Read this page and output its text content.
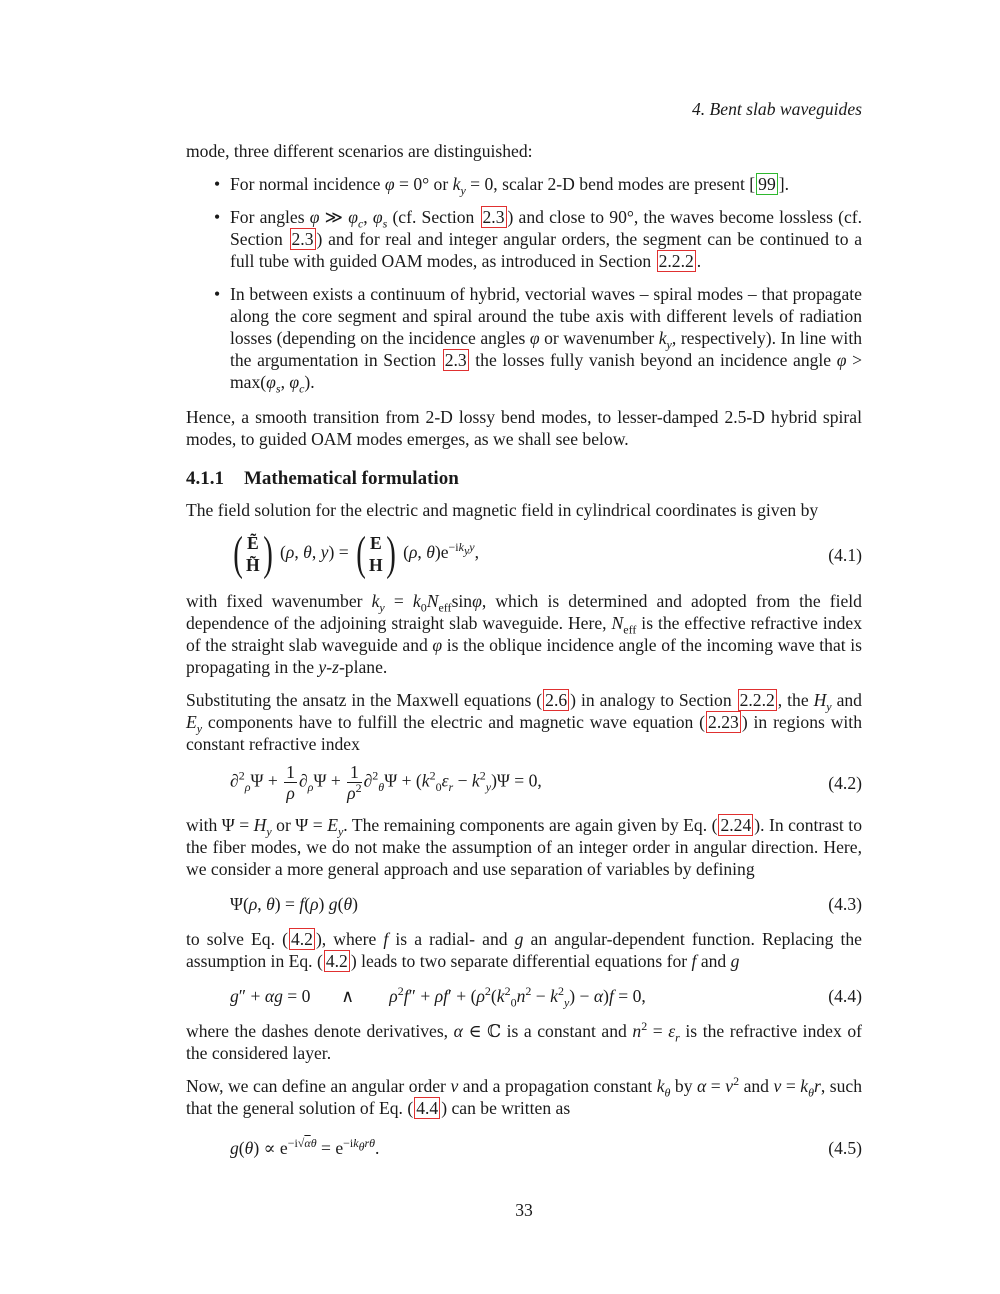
4. Bent slab waveguides
mode, three different scenarios are distinguished:
• For normal incidence φ = 0° or $k_y = 0$, scalar 2-D bend modes are present [ 99 ].
• For angles φ ≫ $\varphi_c$, $\varphi_s$ (cf. Section 2.3 ) and close to 90°, the waves become lossless (cf. Section 2.3 ) and for real and integer angular orders, the segment can be continued to a full tube with guided OAM modes, as introduced in Section 2.2.2 .
• In between exists a continuum of hybrid, vectorial waves – spiral modes – that propagate along the core segment and spiral around the tube axis with different levels of radiation losses (depending on the incidence angles φ or wavenumber $k_y$, respectively). In line with the argumentation in Section 2.3 the losses fully vanish beyond an incidence angle $\varphi > \max(\varphi_s$, $\varphi_c$).
Hence, a smooth transition from 2-D lossy bend modes, to lesser-damped 2.5-D hybrid spiral modes, to guided OAM modes emerges, as we shall see below.
4.1.1 Mathematical formulation
The field solution for the electric and magnetic field in cylindrical coordinates is given by
( Ẽ
H̃ ) (ρ, θ, y) = ( E
H ) (ρ, $\theta)e^{-ik_yy}$,	(4.1)
with fixed wavenumber $k_y = k_0N_{eff}\sin\varphi$, which is determined and adopted from the field dependence of the adjoining straight slab waveguide. Here, $N_{eff}$ is the effective refractive index of the straight slab waveguide and φ is the oblique incidence angle of the incoming wave that is propagating in the y-z-plane.
Substituting the ansatz in the Maxwell equations ( 2.6 ) in analogy to Section 2.2.2 , the $H_y$ and $E_y$ components have to fulfill the electric and magnetic wave equation ( 2.23 ) in regions with constant refractive index
$\partial^2_\rho\Psi + \frac{1}{\rho} \partial_\rho\Psi + \frac{1}{\rho^2} \partial^2_\theta\Psi + (k^2_0\varepsilon_r - k^2_y)\Psi = 0$,	(4.2)
with $\Psi = H_y$ or $\Psi = E_y$. The remaining components are again given by Eq. ( 2.24 ). In contrast to the fiber modes, we do not make the assumption of an integer order in angular direction. Here, we consider a more general approach and use separation of variables by defining
Ψ(ρ, θ) = f(ρ) g(θ)	(4.3)
to solve Eq. ( 4.2 ), where f is a radial- and g an angular-dependent function. Replacing the assumption in Eq. ( 4.2 ) leads to two separate differential equations for f and g
g″ + αg = 0       ∧        $\rho^2f'' + \rho f' + (\rho^2(k^2_0n^2 - k^2_y) - \alpha)f = 0$,	(4.4)
where the dashes denote derivatives, α ∈ ℂ is a constant and $n^2 = \varepsilon_r$ is the refractive index of the considered layer.
Now, we can define an angular order ν and a propagation constant $k_\theta$ by $\alpha = \nu^2$ and $\nu = k_\theta r$, such that the general solution of Eq. ( 4.4 ) can be written as
$g(\theta) \propto e^{-i√\alpha\theta} = e^{-ik_\theta r\theta}$.	(4.5)
33
